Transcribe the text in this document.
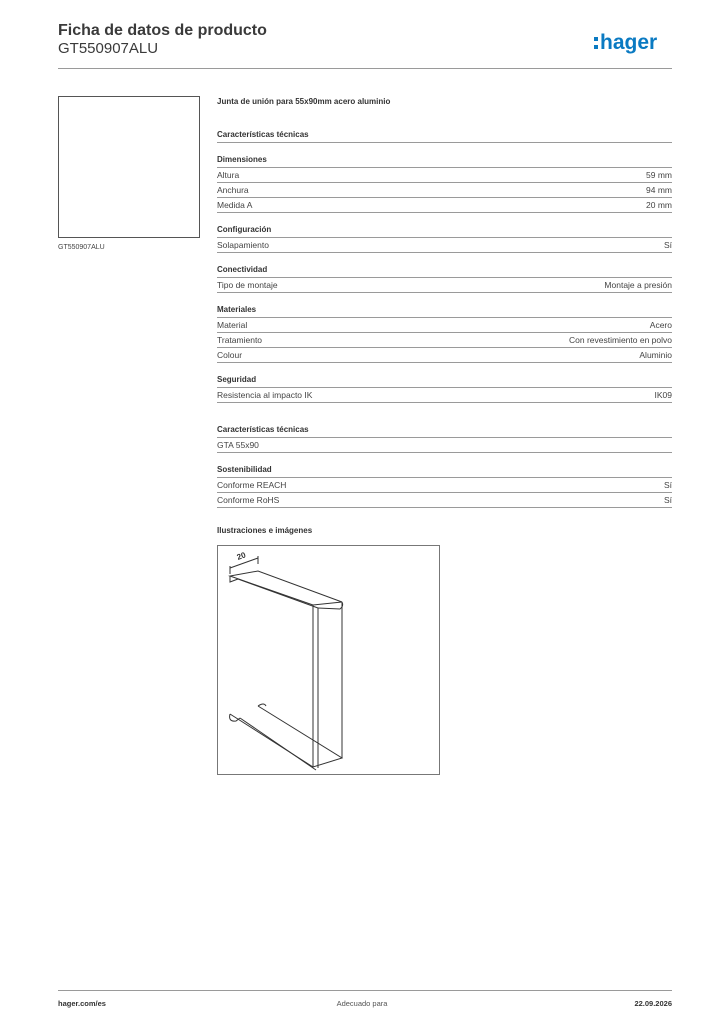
Ficha de datos de producto
GT550907ALU	hager
GT550907ALU
Junta de unión para 55x90mm acero aluminio
Características técnicas
Dimensiones
Altura	59 mm
Anchura	94 mm
Medida A	20 mm
Configuración
Solapamiento	Sí
Conectividad
Tipo de montaje	Montaje a presión
Materiales
Material	Acero
Tratamiento	Con revestimiento en polvo
Colour	Aluminio
Seguridad
Resistencia al impacto IK	IK09
Características técnicas
GTA 55x90
Sostenibilidad
Conforme REACH	Sí
Conforme RoHS	Sí
Ilustraciones e imágenes
20
hager.com/es	Adecuado para	22.09.2026
